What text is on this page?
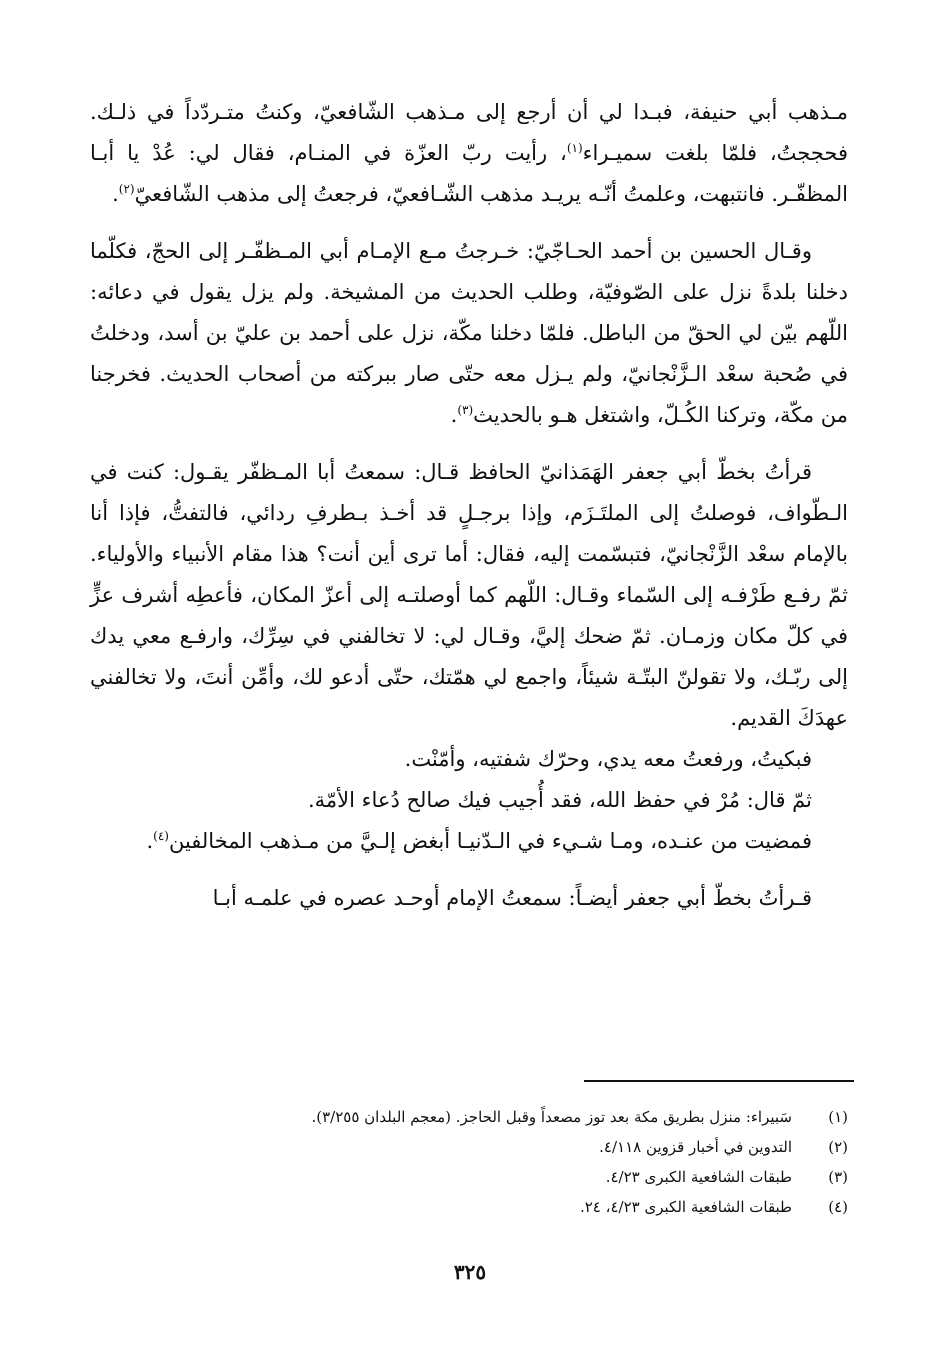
مـذهب أبي حنيفة، فبـدا لي أن أرجع إلى مـذهب الشّافعيّ، وكنتُ متـردّداً في ذلـك. فحججتُ، فلمّا بلغت سميـراء$^{(١)}$، رأيت ربّ العزّة في المنـام، فقال لي: عُدْ يا أبـا المظفّـر. فانتبهت، وعلمتُ أنّـه يريـد مذهب الشّـافعيّ، فرجعتُ إلى مذهب الشّافعيّ$^{(٢)}$.

وقـال الحسين بن أحمد الحـاجّيّ: خـرجتُ مـع الإمـام أبي المـظفّـر إلى الحجّ، فكلّما دخلنا بلدةً نزل على الصّوفيّة، وطلب الحديث من المشيخة. ولم يزل يقول في دعائه: اللّهم بيّن لي الحقّ من الباطل. فلمّا دخلنا مكّة، نزل على أحمد بن عليّ بن أسد، ودخلتُ في صُحبة سعْد الـزَّنْجانيّ، ولم يـزل معه حتّى صار ببركته من أصحاب الحديث. فخرجنا من مكّة، وتركنا الكُـلّ، واشتغل هـو بالحديث$^{(٣)}$.

قرأتُ بخطّ أبي جعفر الهَمَذانيّ الحافظ قـال: سمعتُ أبا المـظفّر يقـول: كنت في الـطّواف، فوصلتُ إلى الملتَـزَم، وإذا برجـلٍ قد أخـذ بـطرفِ ردائي، فالتفتُّ، فإذا أنا بالإمام سعْد الزَّنْجانيّ، فتبسّمت إليه، فقال: أما ترى أين أنت؟ هذا مقام الأنبياء والأولياء. ثمّ رفـع طَرْفـه إلى السّماء وقـال: اللّهم كما أوصلتـه إلى أعزّ المكان، فأعطِه أشرف عزٍّ في كلّ مكان وزمـان. ثمّ ضحك إليَّ، وقـال لي: لا تخالفني في سِرِّك، وارفـع معي يدك إلى ربّـك، ولا تقولنّ البتّـة شيئاً، واجمع لي همّتك، حتّى أدعو لك، وأمِّن أنتَ، ولا تخالفني عهدَكَ القديم.

فبكيتُ، ورفعتُ معه يدي، وحرّك شفتيه، وأمّنْت.

ثمّ قال: مُرْ في حفظ الله، فقد أُجيب فيك صالح دُعاء الأمّة.

فمضيت من عنـده، ومـا شـيء في الـدّنيـا أبغض إلـيَّ من مـذهب المخالفين$^{(٤)}$.

قـرأتُ بخطّ أبي جعفر أيضـاً: سمعتُ الإمام أوحـد عصره في علمـه أبـا

(١)
سَبيراء: منزل بطريق مكة بعد توز مصعداً وقبل الحاجز. (معجم البلدان ٣/٢٥٥).
(٢)
التدوين في أخبار قزوين ٤/١١٨.
(٣)
طبقات الشافعية الكبرى ٤/٢٣.
(٤)
طبقات الشافعية الكبرى ٤/٢٣، ٢٤.
٣٢٥
